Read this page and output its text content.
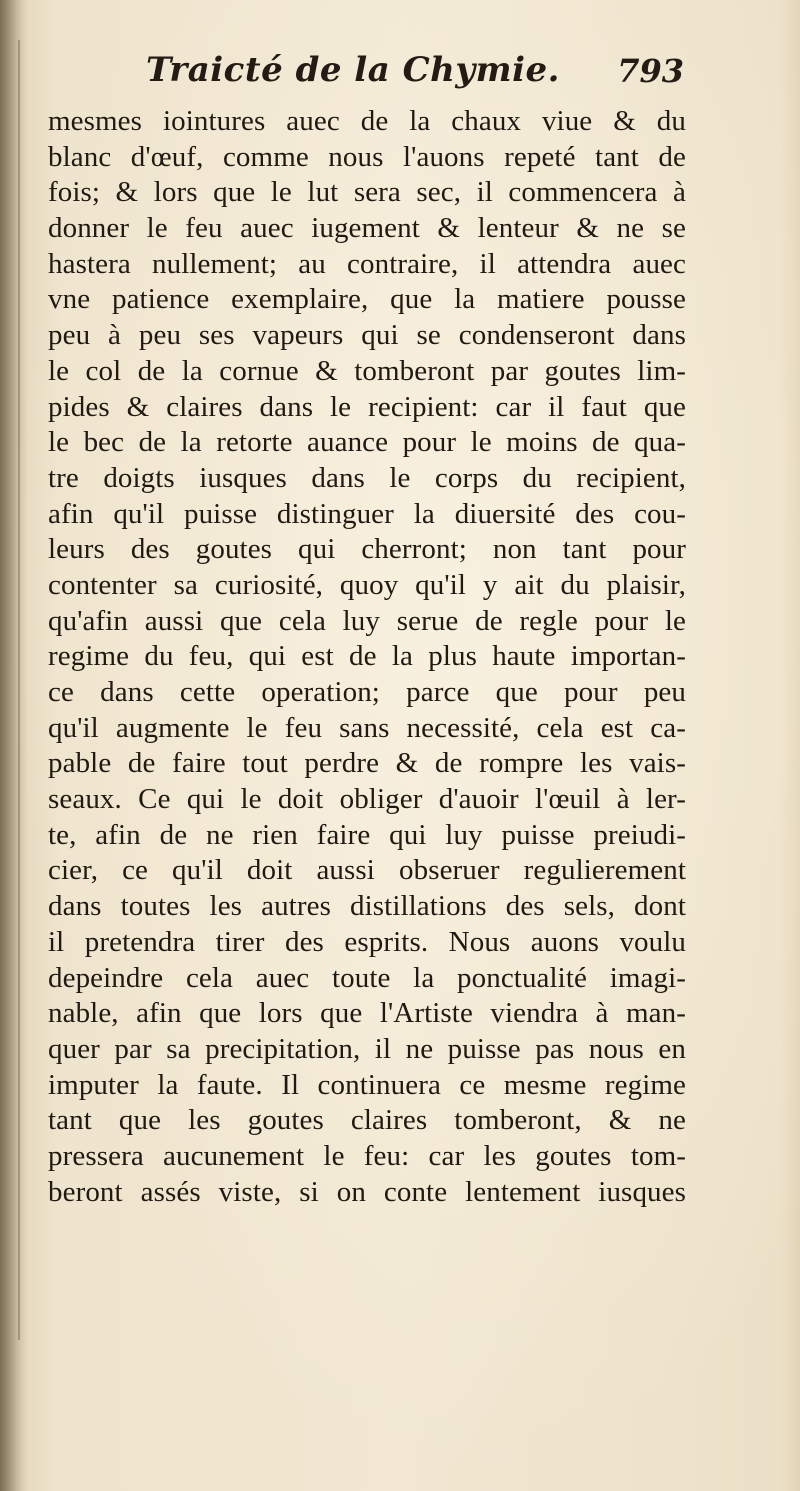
Traicté de la Chymie. 793
mesmes iointures auec de la chaux viue & du
blanc d'œuf, comme nous l'auons repeté tant de
fois; & lors que le lut sera sec, il commencera à
donner le feu auec iugement & lenteur & ne se
hastera nullement; au contraire, il attendra auec
vne patience exemplaire, que la matiere pousse
peu à peu ses vapeurs qui se condenseront dans
le col de la cornue & tomberont par goutes lim-
pides & claires dans le recipient: car il faut que
le bec de la retorte auance pour le moins de qua-
tre doigts iusques dans le corps du recipient,
afin qu'il puisse distinguer la diuersité des cou-
leurs des goutes qui cherront; non tant pour
contenter sa curiosité, quoy qu'il y ait du plaisir,
qu'afin aussi que cela luy serue de regle pour le
regime du feu, qui est de la plus haute importan-
ce dans cette operation; parce que pour peu
qu'il augmente le feu sans necessité, cela est ca-
pable de faire tout perdre & de rompre les vais-
seaux. Ce qui le doit obliger d'auoir l'œuil à ler-
te, afin de ne rien faire qui luy puisse preiudi-
cier, ce qu'il doit aussi obseruer regulierement
dans toutes les autres distillations des sels, dont
il pretendra tirer des esprits. Nous auons voulu
depeindre cela auec toute la ponctualité imagi-
nable, afin que lors que l'Artiste viendra à man-
quer par sa precipitation, il ne puisse pas nous en
imputer la faute. Il continuera ce mesme regime
tant que les goutes claires tomberont, & ne
pressera aucunement le feu: car les goutes tom-
beront assés viste, si on conte lentement iusques
